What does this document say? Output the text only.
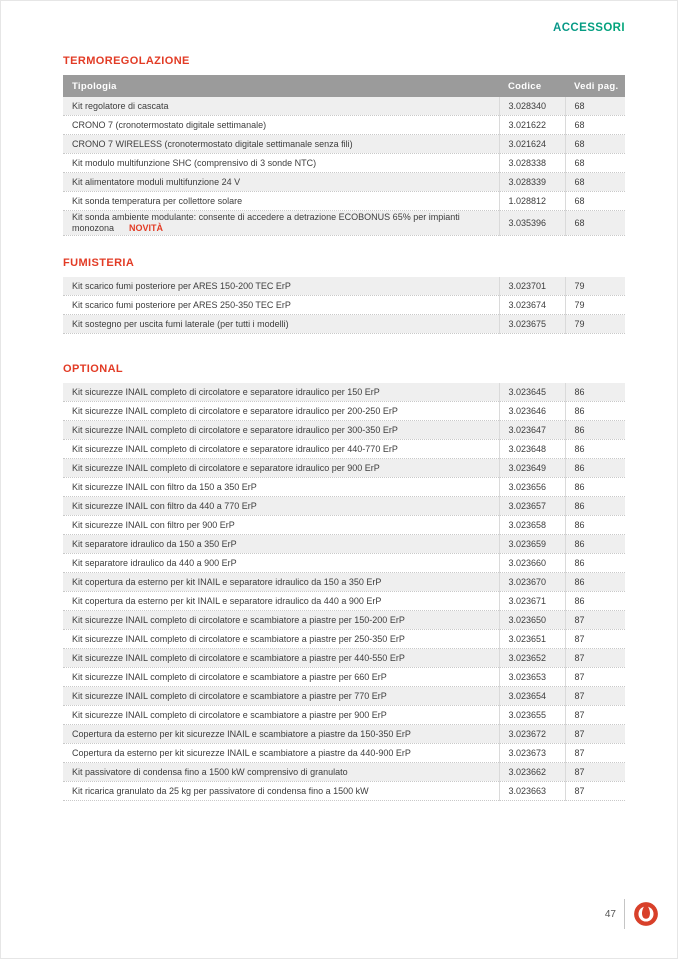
ACCESSORI
TERMOREGOLAZIONE
Tipologia	Codice	Vedi pag.
Kit regolatore di cascata	3.028340	68
CRONO 7 (cronotermostato digitale settimanale)	3.021622	68
CRONO 7 WIRELESS (cronotermostato digitale settimanale senza fili)	3.021624	68
Kit modulo multifunzione SHC (comprensivo di 3 sonde NTC)	3.028338	68
Kit alimentatore moduli multifunzione 24 V	3.028339	68
Kit sonda temperatura per collettore solare	1.028812	68
Kit sonda ambiente modulante: consente di accedere a detrazione ECOBONUS 65% per impianti monozona NOVITÀ	3.035396	68
FUMISTERIA
Kit scarico fumi posteriore per ARES 150-200 TEC ErP	3.023701	79
Kit scarico fumi posteriore per ARES 250-350 TEC ErP	3.023674	79
Kit sostegno per uscita fumi laterale (per tutti i modelli)	3.023675	79
OPTIONAL
Kit sicurezze INAIL completo di circolatore e separatore idraulico per 150 ErP	3.023645	86
Kit sicurezze INAIL completo di circolatore e separatore idraulico per 200-250 ErP	3.023646	86
Kit sicurezze INAIL completo di circolatore e separatore idraulico per 300-350 ErP	3.023647	86
Kit sicurezze INAIL completo di circolatore e separatore idraulico per 440-770 ErP	3.023648	86
Kit sicurezze INAIL completo di circolatore e separatore idraulico per 900 ErP	3.023649	86
Kit sicurezze INAIL con filtro da 150 a 350 ErP	3.023656	86
Kit sicurezze INAIL con filtro da 440 a 770 ErP	3.023657	86
Kit sicurezze INAIL con filtro per 900 ErP	3.023658	86
Kit separatore idraulico da 150 a 350 ErP	3.023659	86
Kit separatore idraulico da 440 a 900 ErP	3.023660	86
Kit copertura da esterno per kit INAIL e separatore idraulico da 150 a 350 ErP	3.023670	86
Kit copertura da esterno per kit INAIL e separatore idraulico da 440 a 900 ErP	3.023671	86
Kit sicurezze INAIL completo di circolatore e scambiatore a piastre per 150-200 ErP	3.023650	87
Kit sicurezze INAIL completo di circolatore e scambiatore a piastre per 250-350 ErP	3.023651	87
Kit sicurezze INAIL completo di circolatore e scambiatore a piastre per 440-550 ErP	3.023652	87
Kit sicurezze INAIL completo di circolatore e scambiatore a piastre per 660 ErP	3.023653	87
Kit sicurezze INAIL completo di circolatore e scambiatore a piastre per 770 ErP	3.023654	87
Kit sicurezze INAIL completo di circolatore e scambiatore a piastre per 900 ErP	3.023655	87
Copertura da esterno per kit sicurezze INAIL e scambiatore a piastre da 150-350 ErP	3.023672	87
Copertura da esterno per kit sicurezze INAIL e scambiatore a piastre da 440-900 ErP	3.023673	87
Kit passivatore di condensa fino a 1500 kW comprensivo di granulato	3.023662	87
Kit ricarica granulato da 25 kg per passivatore di condensa fino a 1500 kW	3.023663	87
47
